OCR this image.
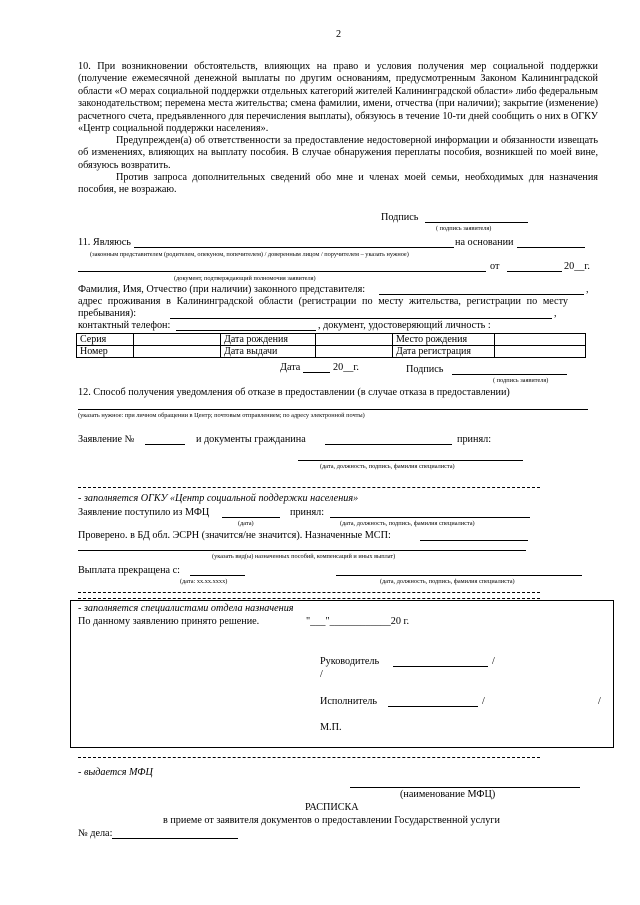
2
10. При возникновении обстоятельств, влияющих на право и условия получения мер социальной поддержки (получение ежемесячной денежной выплаты по другим основаниям, предусмотренным Законом Калининградской области «О мерах социальной поддержки отдельных категорий жителей Калининградской области» либо федеральным законодательством; перемена места жительства; смена фамилии, имени, отчества (при наличии); закрытие (изменение) расчетного счета, предъявленного для перечисления выплаты), обязуюсь в течение 10-ти дней сообщить о них в ОГКУ «Центр социальной поддержки населения».
Предупрежден(а) об ответственности за предоставление недостоверной информации и обязанности извещать об изменениях, влияющих на выплату пособия. В случае обнаружения переплаты пособия, возникшей по моей вине, обязуюсь возвратить.
Против запроса дополнительных сведений обо мне и членах моей семьи, необходимых для назначения пособия, не возражаю.
Подпись
( подпись заявителя)
11. Являюсь	на основании
(законным представителем (родителем, опекуном, попечителем) / доверенным лицом / поручителем – указать нужное)
от	20__г.
(документ, подтверждающий полномочия заявителя)
Фамилия, Имя, Отчество (при наличии) законного представителя:	,
адрес проживания в Калининградской области (регистрации по месту жительства, регистрации по месту пребывания):	,
контактный телефон:	, документ, удостоверяющий личность :
Серия		Дата рождения		Место рождения	
Номер		Дата выдачи		Дата регистрация	
Дата	20__г.	Подпись
( подпись заявителя)
12. Способ получения уведомления об отказе в предоставлении (в случае отказа в предоставлении)
(указать нужное: при личном обращении в Центр; почтовым отправлением; по адресу электронной почты)
Заявление №	и документы гражданина	принял:
(дата, должность, подпись, фамилия специалиста)
- заполняется ОГКУ «Центр социальной поддержки населения»
Заявление поступило из МФЦ	принял:
(дата)	(дата, должность, подпись, фамилия специалиста)
Проверено. в БД обл. ЭСРН (значится/не значится). Назначенные МСП:
(указать вид(ы) назначенных пособий, компенсаций и иных выплат)
Выплата прекращена с:
(дата: хх.хх.хххх)	(дата, должность, подпись, фамилия специалиста)
- заполняется специалистами отдела назначения
По данному заявлению принято решение.	"___"____________20 г.
Руководитель	/
/
Исполнитель	/	/
М.П.
- выдается МФЦ
(наименование МФЦ)
РАСПИСКА
в приеме от заявителя документов о предоставлении Государственной услуги
№ дела:
